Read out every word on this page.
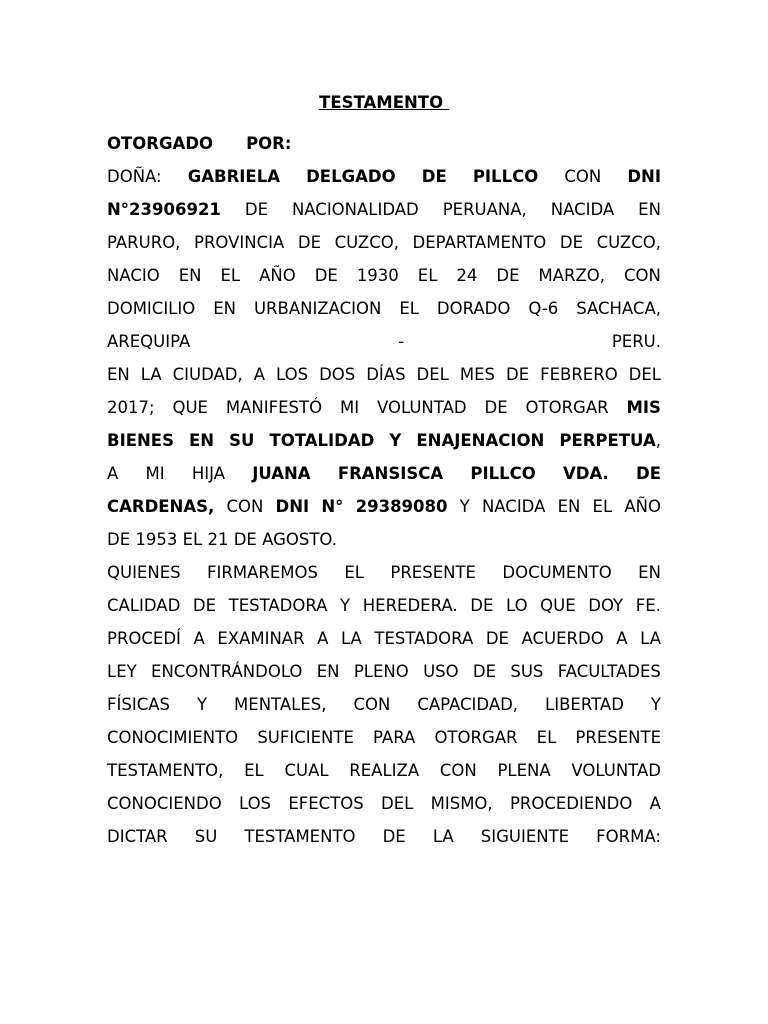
TESTAMENTO
OTORGADO POR:
DOÑA: GABRIELA DELGADO DE PILLCO CON DNI
N°23906921 DE NACIONALIDAD PERUANA, NACIDA EN
PARURO, PROVINCIA DE CUZCO, DEPARTAMENTO DE CUZCO,
NACIO EN EL AÑO DE 1930 EL 24 DE MARZO, CON
DOMICILIO EN URBANIZACION EL DORADO Q-6 SACHACA,
AREQUIPA	-	PERU.
EN LA CIUDAD, A LOS DOS DÍAS DEL MES DE FEBRERO DEL
2017; QUE MANIFESTÓ MI VOLUNTAD DE OTORGAR MIS
BIENES EN SU TOTALIDAD Y ENAJENACION PERPETUA,
A MI HIJA JUANA FRANSISCA PILLCO VDA. DE
CARDENAS, CON DNI N° 29389080 Y NACIDA EN EL AÑO
DE 1953 EL 21 DE AGOSTO.
QUIENES FIRMAREMOS EL PRESENTE DOCUMENTO EN
CALIDAD DE TESTADORA Y HEREDERA. DE LO QUE DOY FE.
PROCEDÍ A EXAMINAR A LA TESTADORA DE ACUERDO A LA
LEY ENCONTRÁNDOLO EN PLENO USO DE SUS FACULTADES
FÍSICAS Y MENTALES, CON CAPACIDAD, LIBERTAD Y
CONOCIMIENTO SUFICIENTE PARA OTORGAR EL PRESENTE
TESTAMENTO, EL CUAL REALIZA CON PLENA VOLUNTAD
CONOCIENDO LOS EFECTOS DEL MISMO, PROCEDIENDO A
DICTAR SU TESTAMENTO DE LA SIGUIENTE FORMA:
